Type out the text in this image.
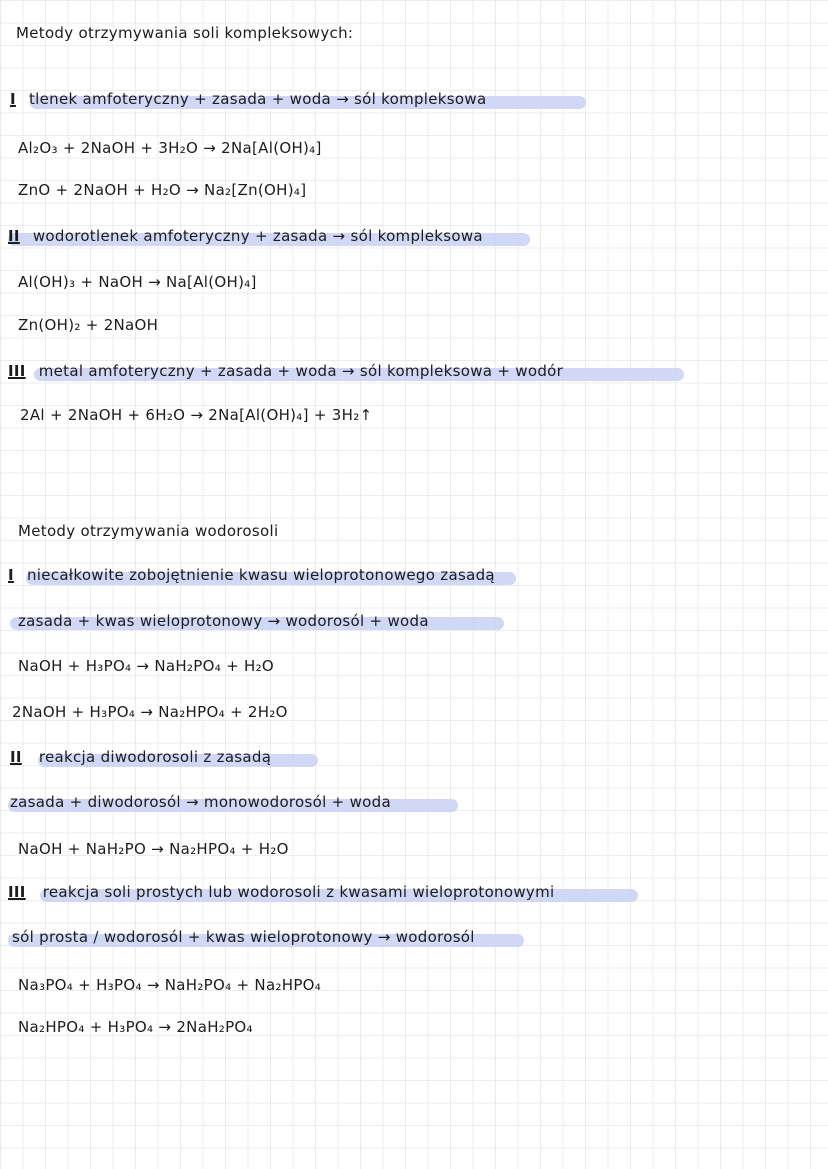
Metody otrzymywania soli kompleksowych:
I tlenek amfoteryczny + zasada + woda → sól kompleksowa
Al₂O₃ + 2NaOH + 3H₂O → 2Na[Al(OH)₄]
ZnO + 2NaOH + H₂O → Na₂[Zn(OH)₄]
II wodorotlenek amfoteryczny + zasada → sól kompleksowa
Al(OH)₃ + NaOH → Na[Al(OH)₄]
Zn(OH)₂ + 2NaOH
III metal amfoteryczny + zasada + woda → sól kompleksowa + wodór
2Al + 2NaOH + 6H₂O → 2Na[Al(OH)₄] + 3H₂↑
Metody otrzymywania wodorosoli
I niecałkowite zobojętnienie kwasu wieloprotonowego zasadą
zasada + kwas wieloprotonowy → wodorosól + woda
NaOH + H₃PO₄ → NaH₂PO₄ + H₂O
2NaOH + H₃PO₄ → Na₂HPO₄ + 2H₂O
II reakcja diwodorosoli z zasadą
zasada + diwodorosól → monowodorosól + woda
NaOH + NaH₂PO → Na₂HPO₄ + H₂O
III reakcja soli prostych lub wodorosoli z kwasami wieloprotonowymi
sól prosta / wodorosól + kwas wieloprotonowy → wodorosól
Na₃PO₄ + H₃PO₄ → NaH₂PO₄ + Na₂HPO₄
Na₂HPO₄ + H₃PO₄ → 2NaH₂PO₄
